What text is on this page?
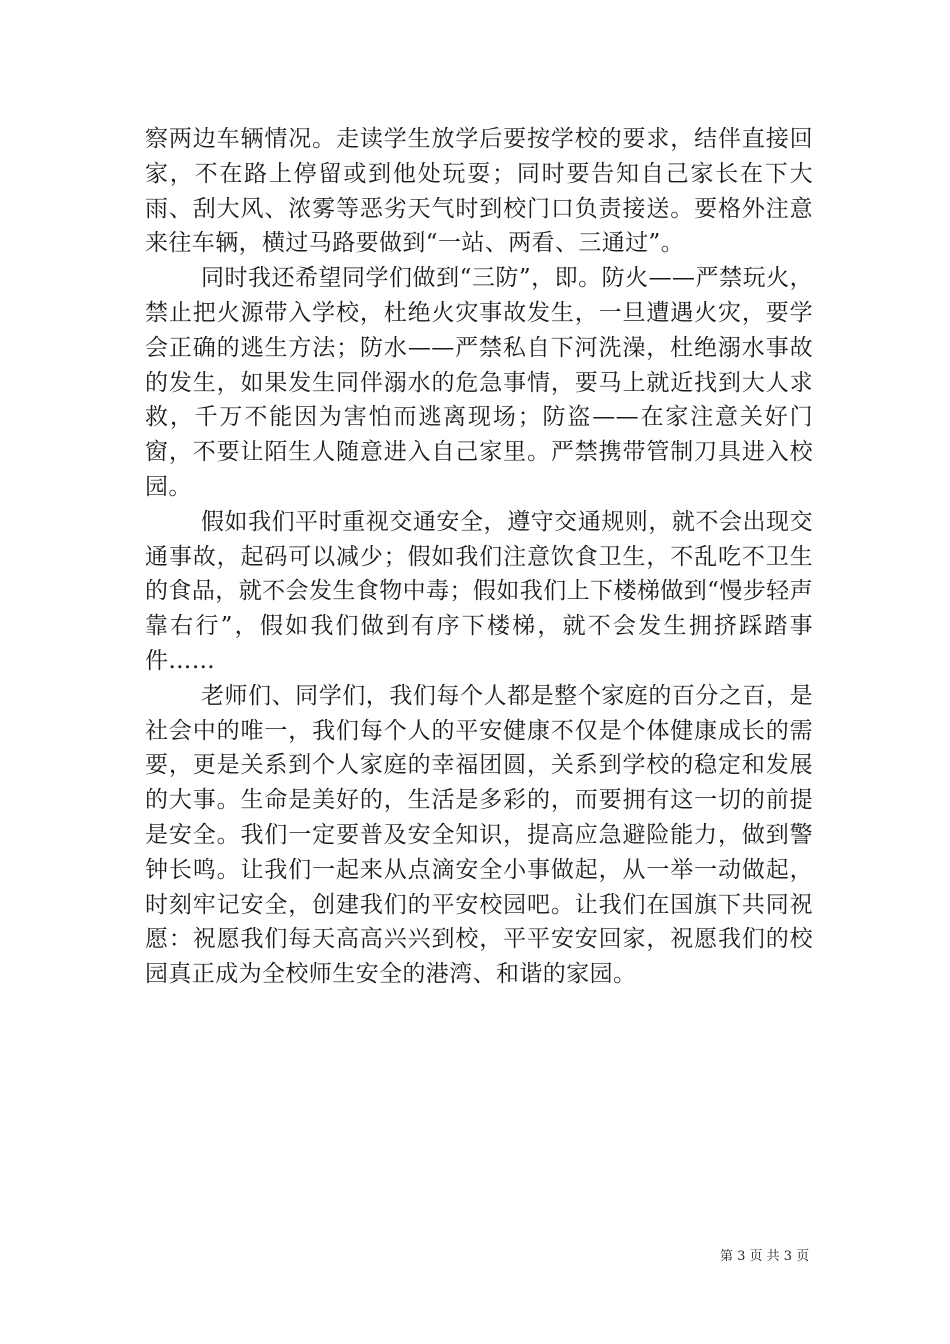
察两边车辆情况。走读学生放学后要按学校的要求，结伴直接回家，不在路上停留或到他处玩耍；同时要告知自己家长在下大雨、刮大风、浓雾等恶劣天气时到校门口负责接送。要格外注意来往车辆，横过马路要做到“一站、两看、三通过”。

同时我还希望同学们做到“三防”，即。防火——严禁玩火，禁止把火源带入学校，杜绝火灾事故发生，一旦遭遇火灾，要学会正确的逃生方法；防水——严禁私自下河洗澡，杜绝溺水事故的发生，如果发生同伴溺水的危急事情，要马上就近找到大人求救，千万不能因为害怕而逃离现场；防盗——在家注意关好门窗，不要让陌生人随意进入自己家里。严禁携带管制刀具进入校园。

假如我们平时重视交通安全，遵守交通规则，就不会出现交通事故，起码可以减少；假如我们注意饮食卫生，不乱吃不卫生的食品，就不会发生食物中毒；假如我们上下楼梯做到“慢步轻声靠右行”，假如我们做到有序下楼梯，就不会发生拥挤踩踏事件……

老师们、同学们，我们每个人都是整个家庭的百分之百，是社会中的唯一，我们每个人的平安健康不仅是个体健康成长的需要，更是关系到个人家庭的幸福团圆，关系到学校的稳定和发展的大事。生命是美好的，生活是多彩的，而要拥有这一切的前提是安全。我们一定要普及安全知识，提高应急避险能力，做到警钟长鸣。让我们一起来从点滴安全小事做起，从一举一动做起，时刻牢记安全，创建我们的平安校园吧。让我们在国旗下共同祝愿：祝愿我们每天高高兴兴到校，平平安安回家，祝愿我们的校园真正成为全校师生安全的港湾、和谐的家园。

第 3 页 共 3 页
